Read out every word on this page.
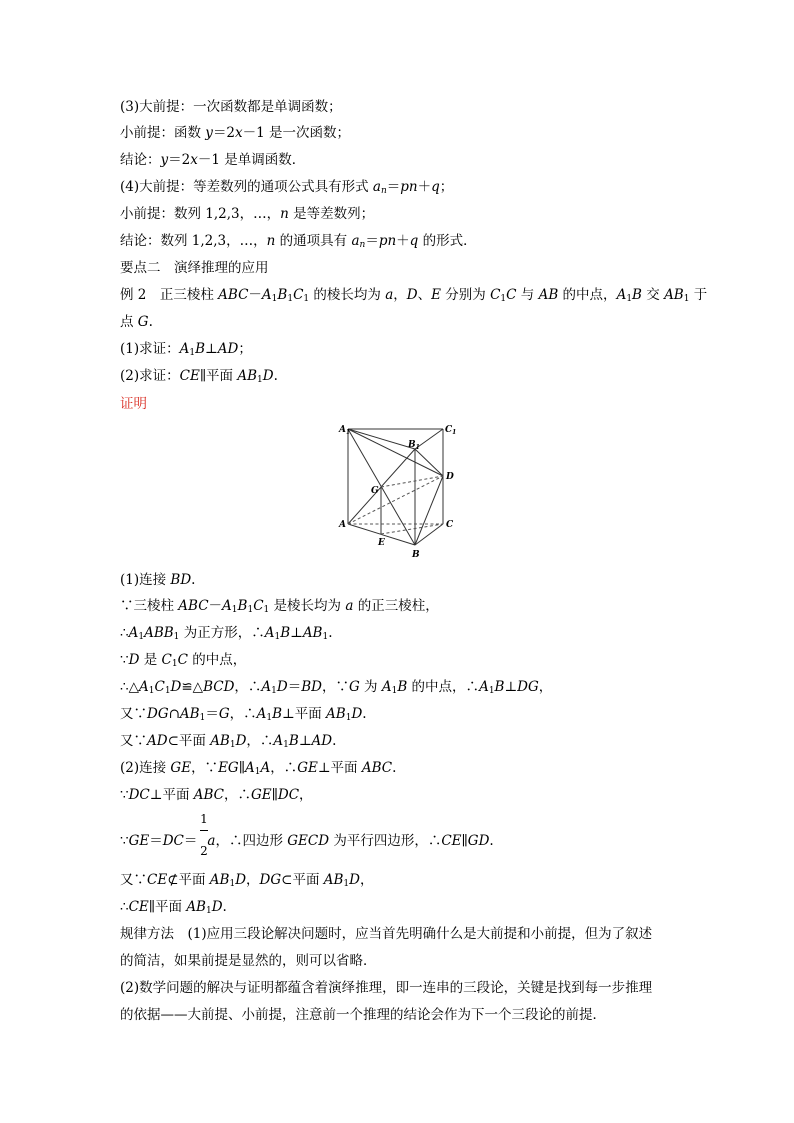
(3)大前提：一次函数都是单调函数；
小前提：函数 y＝2x－1 是一次函数；
结论：y＝2x－1 是单调函数．
(4)大前提：等差数列的通项公式具有形式 $a_n=pn+q$；
小前提：数列 1,2,3，…，n 是等差数列；
结论：数列 1,2,3，…，n 的通项具有 $a_n=pn+q$ 的形式．
要点二　演绎推理的应用
例 2　正三棱柱 $ABC-A_1B_1C_1$ 的棱长均为 a，D、E 分别为 $C_1C$ 与 AB 的中点，$A_1B$ 交 $AB_1$ 于
点 G.
(1)求证：$A_1B\perp AD$；
(2)求证：CE∥平面 $AB_1D$.
证明
$A_1$	$C_1$
$B_1$
D
G
A	C
E
B
(1)连接 BD.
∵三棱柱 $ABC-A_1B_1C_1$ 是棱长均为 a 的正三棱柱，
$\therefore A_1ABB_1$ 为正方形，$\therefore A_1B\perp AB_1$.
∵D 是 $C_1C$ 的中点，
$\therefore\triangle A_1C_1D≌\triangle BCD$，$\therefore A_1D=BD$，∵G 为 $A_1B$ 的中点，$\therefore A_1B\perp DG$，
又$\because DG\cap AB_1=G$，$\therefore A_1B\perp$平面 $AB_1D$.
又∵AD⊂平面 $AB_1D$，$\therefore A_1B\perp AD$.
(2)连接 GE，$\because EG\parallel A_1A$，∴GE⊥平面 ABC.
∵DC⊥平面 ABC，∴GE∥DC，
1
2
∵GE＝DC＝ a，∴四边形 GECD 为平行四边形，∴CE∥GD.
又∵CE⊄平面 $AB_1D$，DG⊂平面 $AB_1D$，
∴CE∥平面 $AB_1D$.
规律方法　(1)应用三段论解决问题时，应当首先明确什么是大前提和小前提，但为了叙述
的简洁，如果前提是显然的，则可以省略．
(2)数学问题的解决与证明都蕴含着演绎推理，即一连串的三段论，关键是找到每一步推理
的依据——大前提、小前提，注意前一个推理的结论会作为下一个三段论的前提．
